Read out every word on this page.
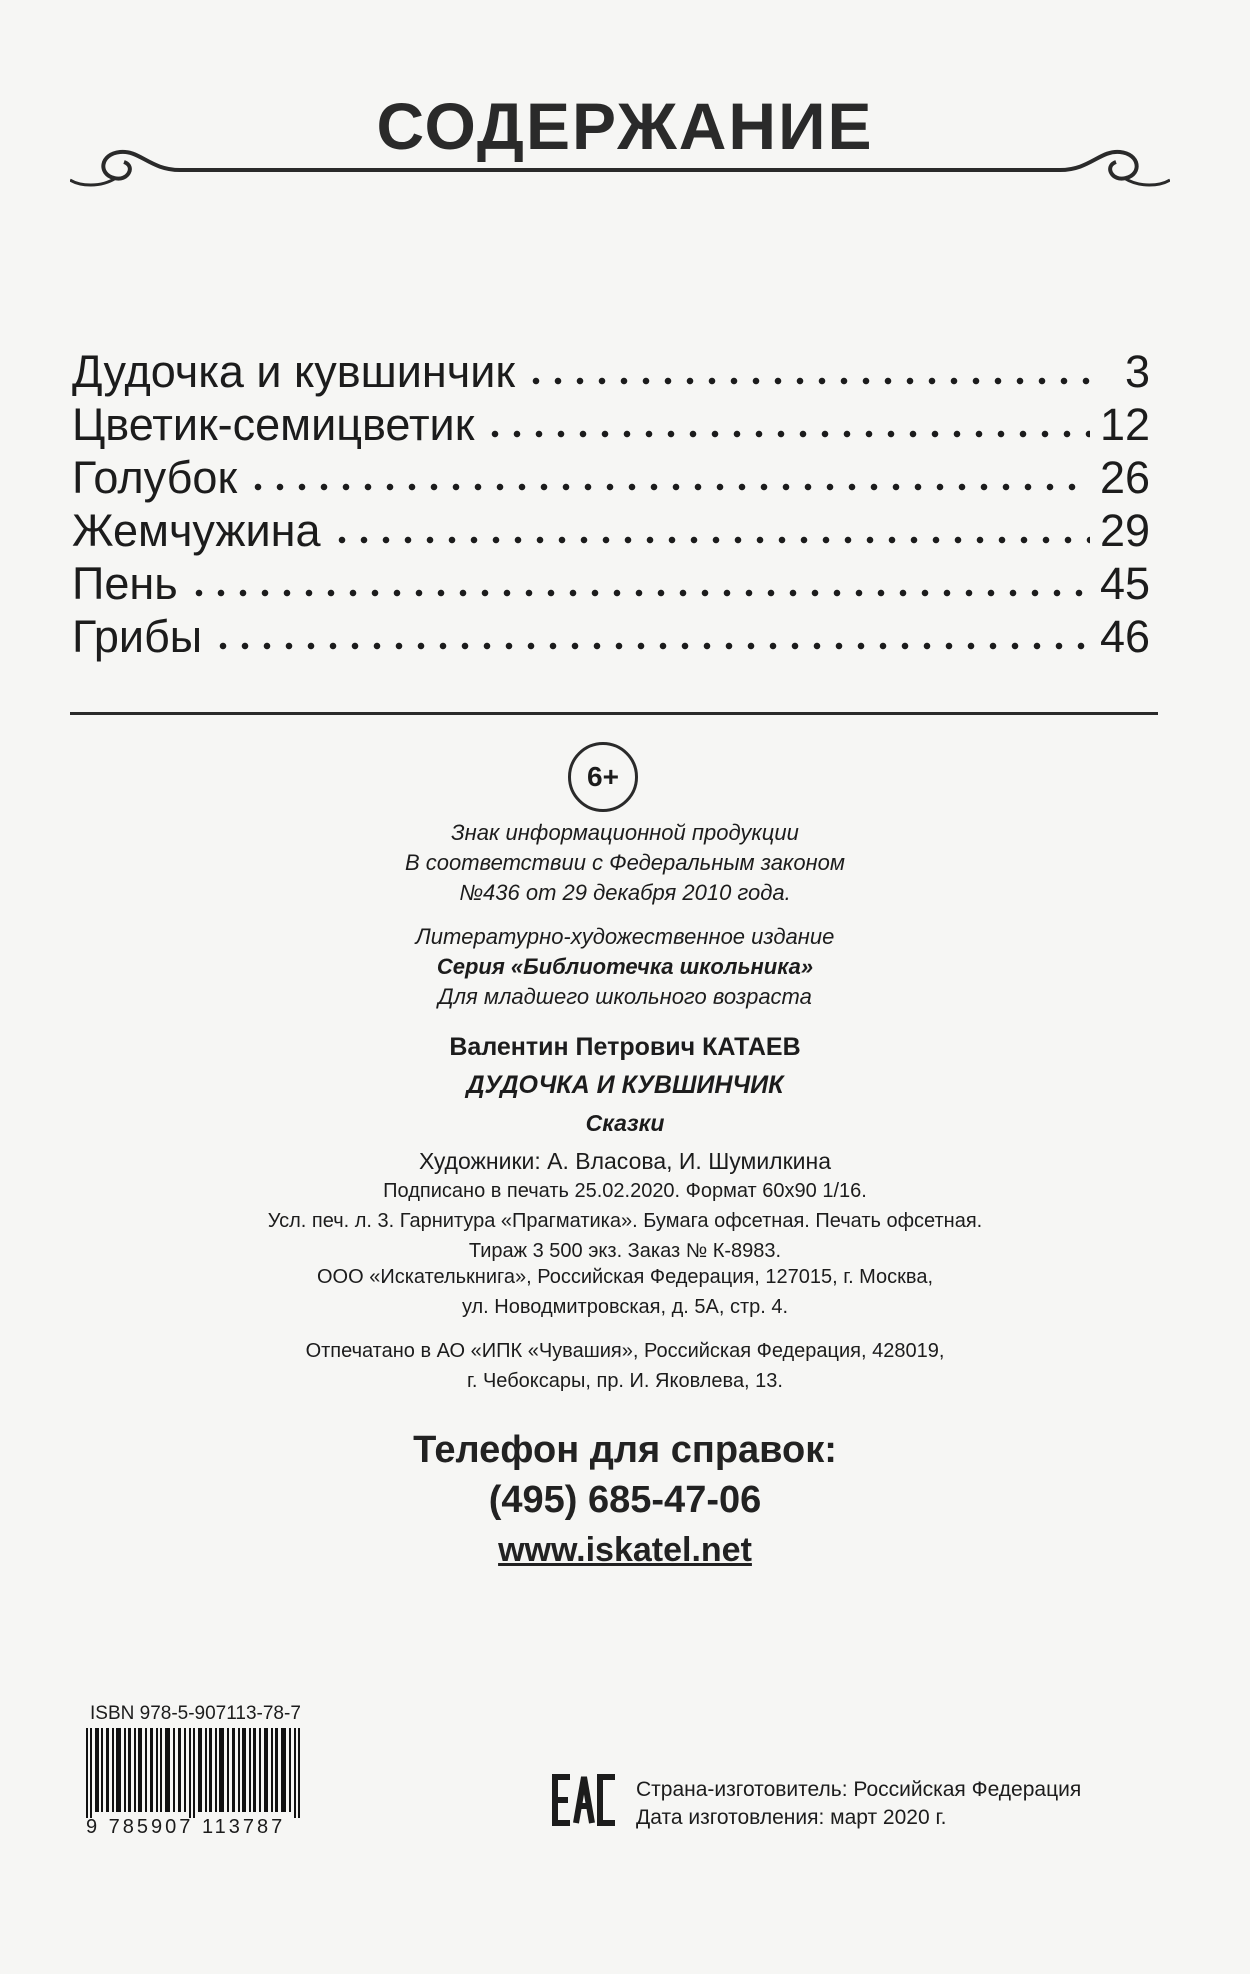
СОДЕРЖАНИЕ
Дудочка и кувшинчик	3
Цветик-семицветик	12
Голубок	26
Жемчужина	29
Пень	45
Грибы	46
6+
Знак информационной продукции
В соответствии с Федеральным законом
№436 от 29 декабря 2010 года.
Литературно-художественное издание
Серия «Библиотечка школьника»
Для младшего школьного возраста
Валентин Петрович КАТАЕВ
ДУДОЧКА И КУВШИНЧИК
Сказки
Художники: А. Власова, И. Шумилкина
Подписано в печать 25.02.2020. Формат 60x90 1/16.
Усл. печ. л. 3. Гарнитура «Прагматика». Бумага офсетная. Печать офсетная.
Тираж 3 500 экз. Заказ № К-8983.
ООО «Искателькнига», Российская Федерация, 127015, г. Москва,
ул. Новодмитровская, д. 5А, стр. 4.
Отпечатано в АО «ИПК «Чувашия», Российская Федерация, 428019,
г. Чебоксары, пр. И. Яковлева, 13.
Телефон для справок:
(495) 685-47-06
www.iskatel.net
ISBN 978-5-907113-78-7
9 785907 113787
Страна-изготовитель: Российская Федерация
Дата изготовления: март 2020 г.
